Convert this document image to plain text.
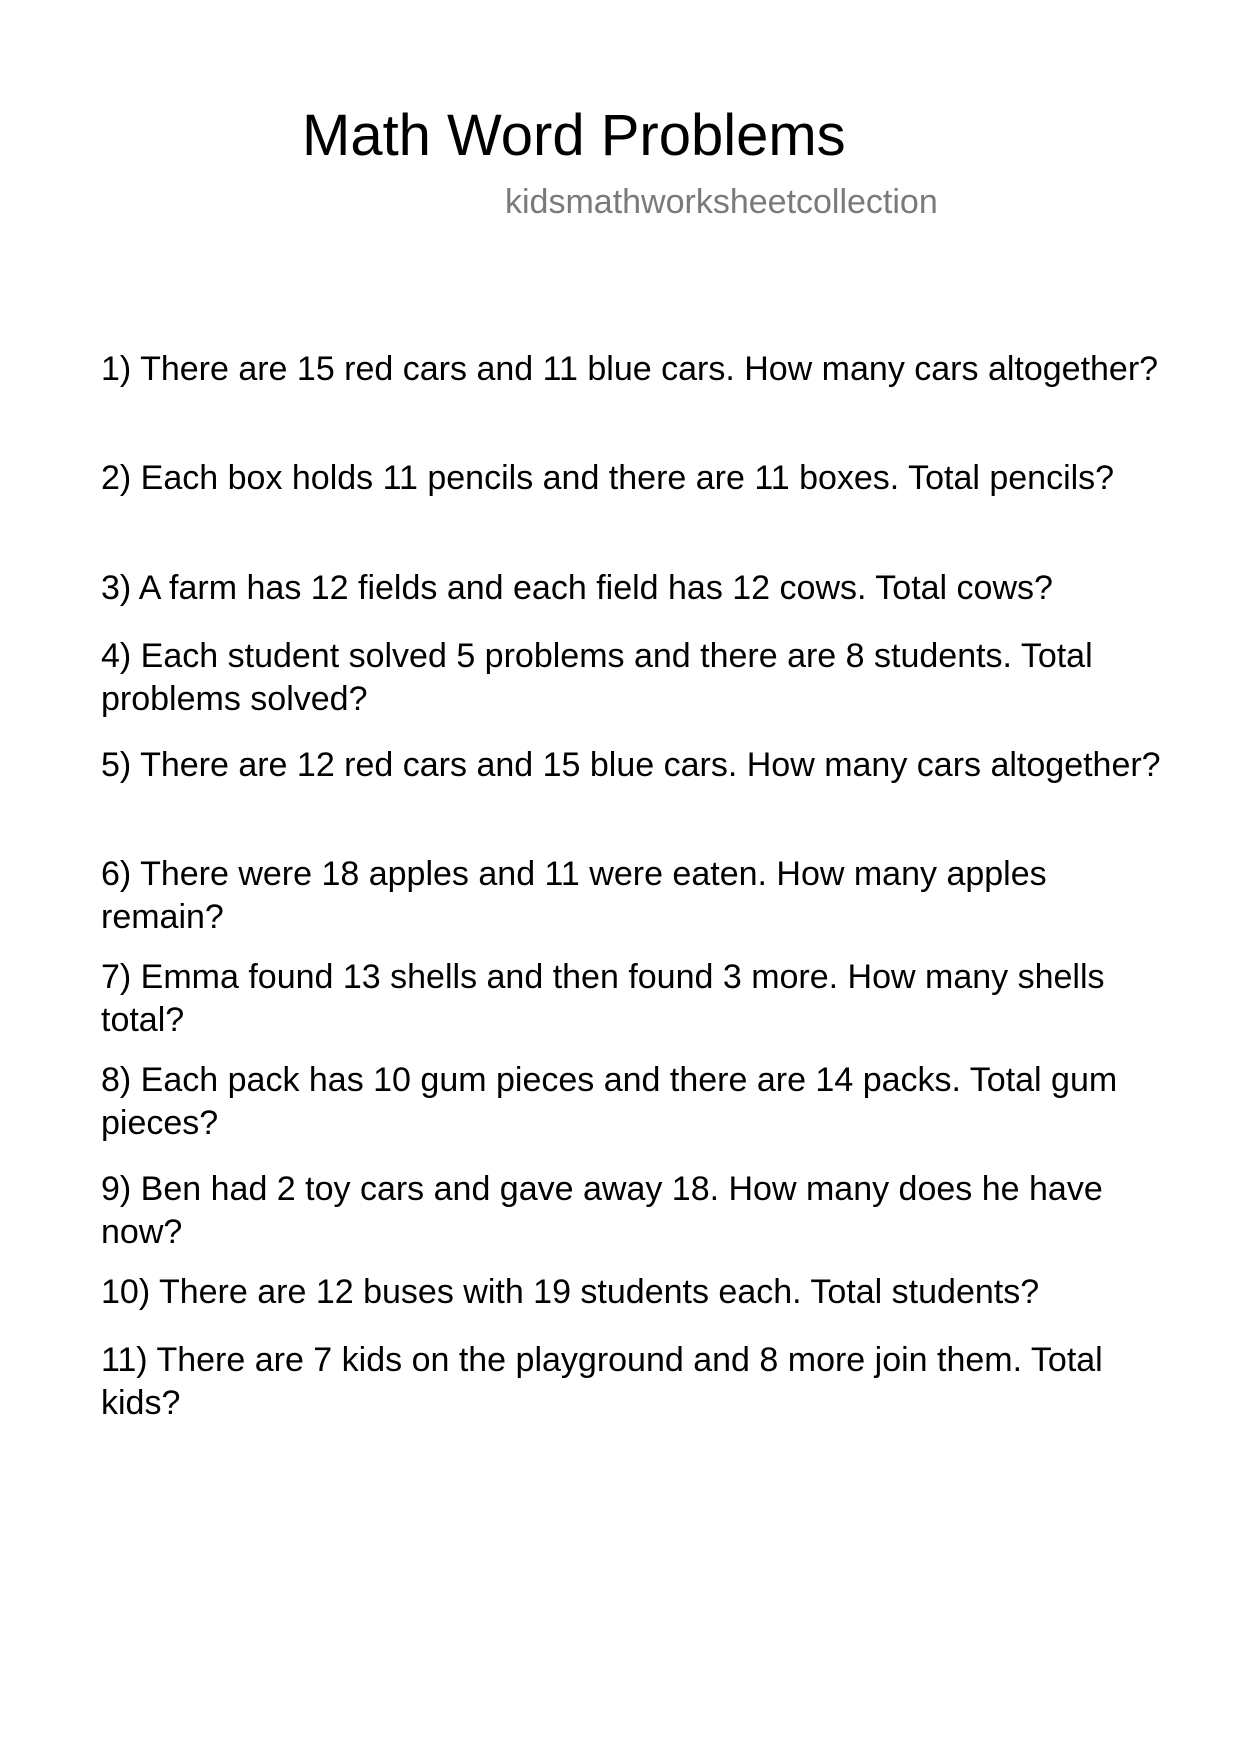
Math Word Problems
kidsmathworksheetcollection
1) There are 15 red cars and 11 blue cars. How many cars altogether?
2) Each box holds 11 pencils and there are 11 boxes. Total pencils?
3) A farm has 12 fields and each field has 12 cows. Total cows?
4) Each student solved 5 problems and there are 8 students. Total problems solved?
5) There are 12 red cars and 15 blue cars. How many cars altogether?
6) There were 18 apples and 11 were eaten. How many apples remain?
7) Emma found 13 shells and then found 3 more. How many shells total?
8) Each pack has 10 gum pieces and there are 14 packs. Total gum pieces?
9) Ben had 2 toy cars and gave away 18. How many does he have now?
10) There are 12 buses with 19 students each. Total students?
11) There are 7 kids on the playground and 8 more join them. Total kids?
